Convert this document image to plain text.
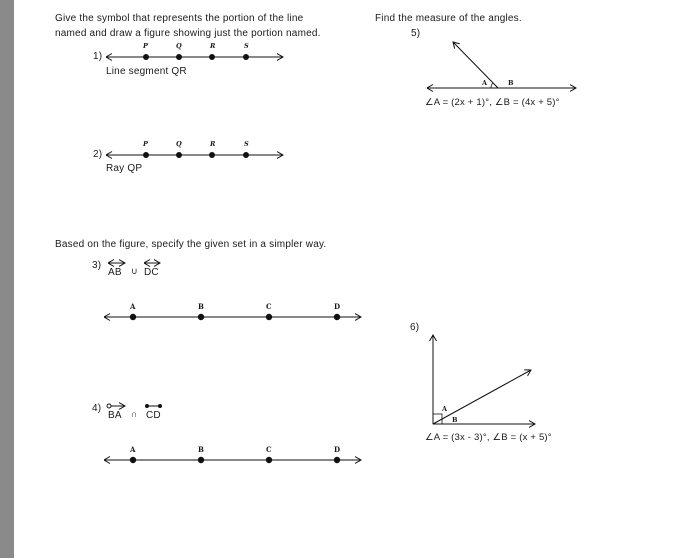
Give the symbol that represents the portion of the line
named and draw a figure showing just the portion named.
1)
P	Q	R	S
Line segment QR
2)
P	Q	R	S
Ray QP
Based on the figure, specify the given set in a simpler way.
3)
AB ∪ DC
A	B	C	D
4)
BA ∩ CD
A	B	C	D
Find the measure of the angles.
5)
A	B
∠A = (2x + 1)°, ∠B = (4x + 5)°
6)
A
B
∠A = (3x - 3)°, ∠B = (x + 5)°
